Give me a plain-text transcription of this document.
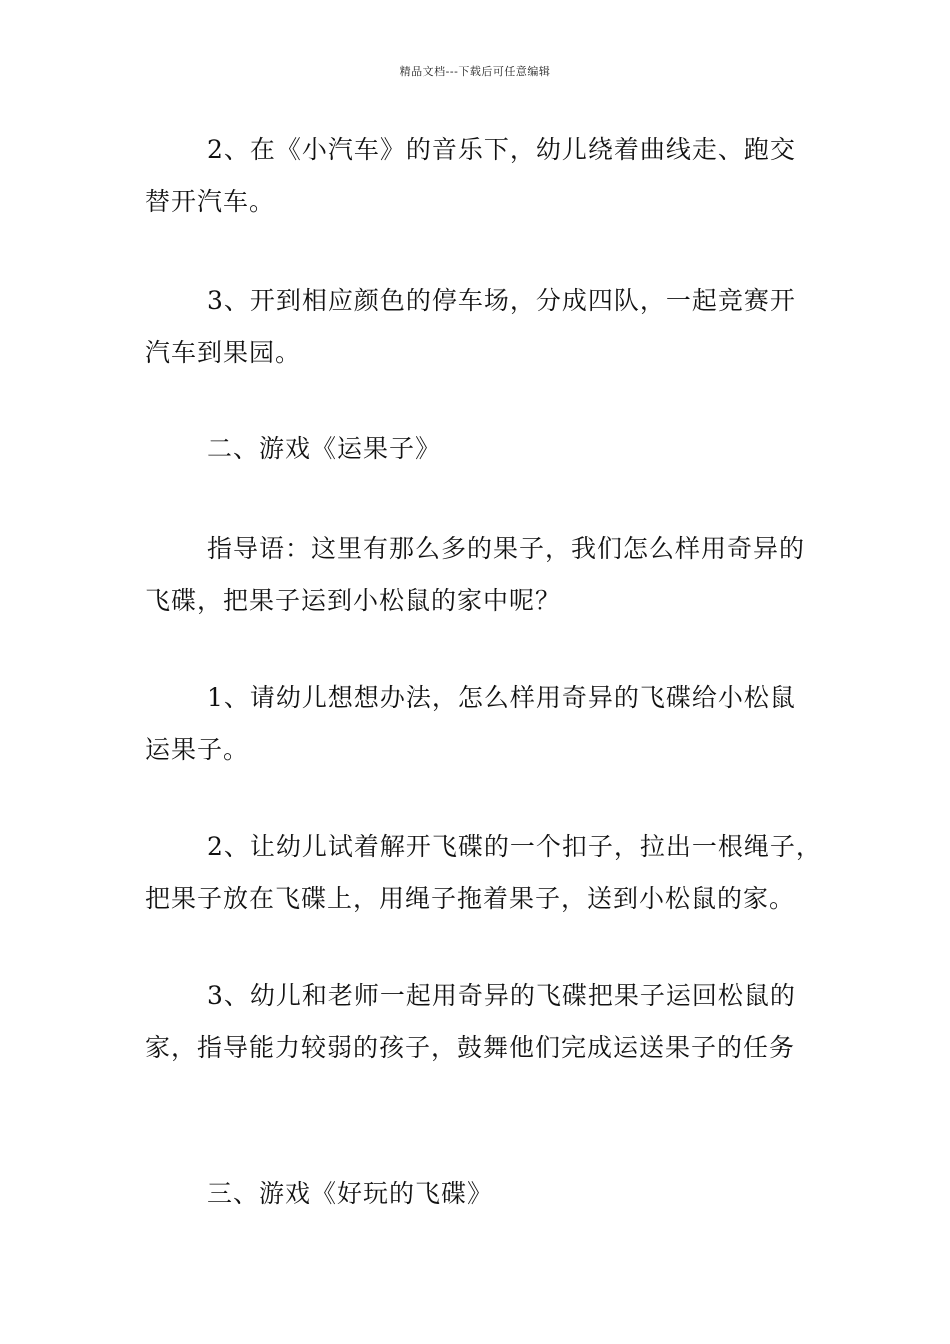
精品文档---下载后可任意编辑

2、在《小汽车》的音乐下，幼儿绕着曲线走、跑交
替开汽车。

3、开到相应颜色的停车场，分成四队，一起竞赛开
汽车到果园。

二、游戏《运果子》

指导语：这里有那么多的果子，我们怎么样用奇异的
飞碟，把果子运到小松鼠的家中呢？

1、请幼儿想想办法，怎么样用奇异的飞碟给小松鼠
运果子。

2、让幼儿试着解开飞碟的一个扣子，拉出一根绳子，
把果子放在飞碟上，用绳子拖着果子，送到小松鼠的家。

3、幼儿和老师一起用奇异的飞碟把果子运回松鼠的
家，指导能力较弱的孩子，鼓舞他们完成运送果子的任务

三、游戏《好玩的飞碟》
